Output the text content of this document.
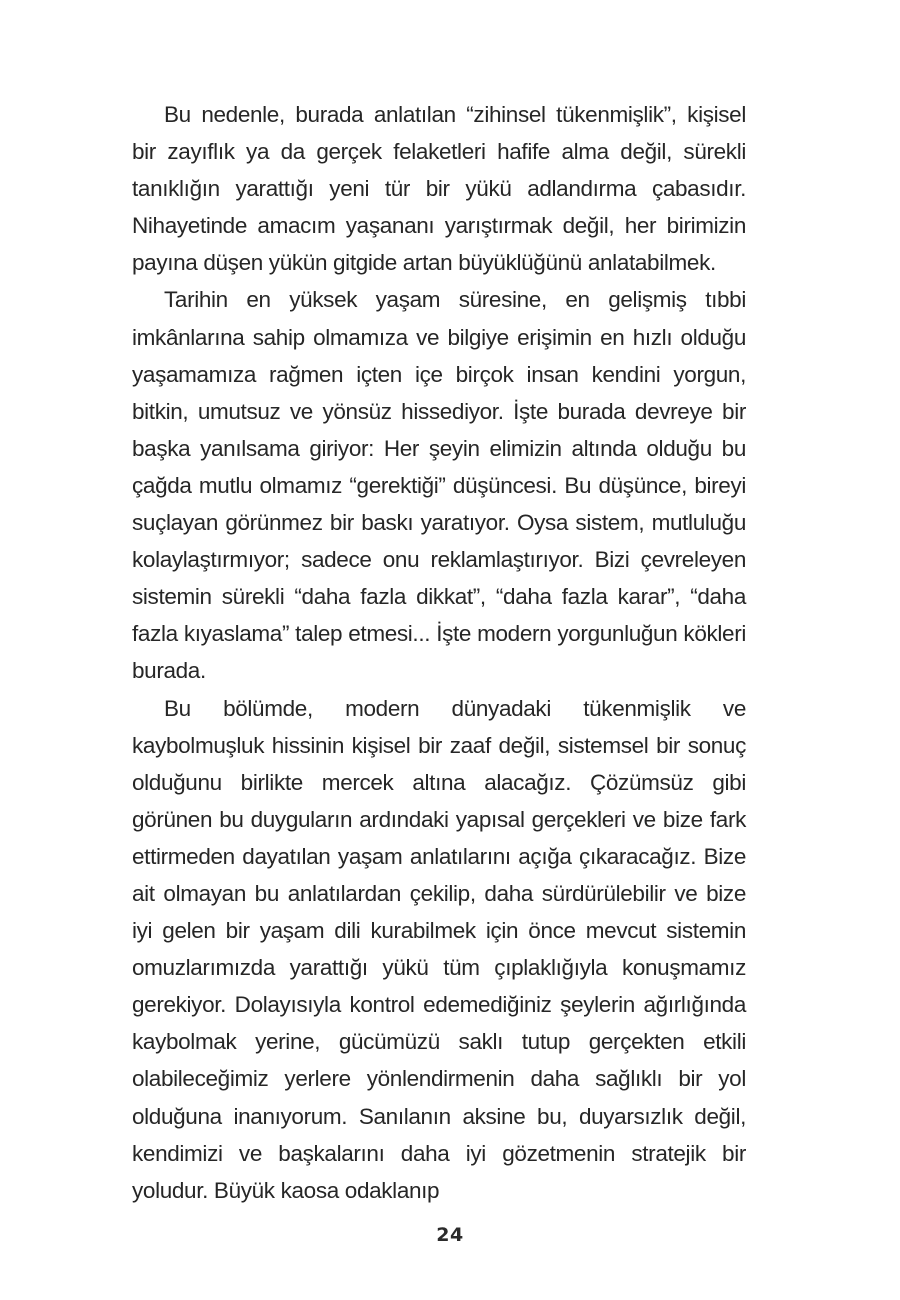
Bu nedenle, burada anlatılan “zihinsel tükenmişlik”, kişisel bir zayıflık ya da gerçek felaketleri hafife alma değil, sürekli tanıklığın yarattığı yeni tür bir yükü adlandırma çabasıdır. Nihayetinde amacım yaşananı yarıştırmak değil, her birimizin payına düşen yükün gitgide artan büyüklüğünü anlatabilmek.

Tarihin en yüksek yaşam süresine, en gelişmiş tıbbi imkânlarına sahip olmamıza ve bilgiye erişimin en hızlı olduğu yaşamamıza rağmen içten içe birçok insan kendini yorgun, bitkin, umutsuz ve yönsüz hissediyor. İşte burada devreye bir başka yanılsama giriyor: Her şeyin elimizin altında olduğu bu çağda mutlu olmamız “gerektiği” düşüncesi. Bu düşünce, bireyi suçlayan görünmez bir baskı yaratıyor. Oysa sistem, mutluluğu kolaylaştırmıyor; sadece onu reklamlaştırıyor. Bizi çevreleyen sistemin sürekli “daha fazla dikkat”, “daha fazla karar”, “daha fazla kıyaslama” talep etmesi... İşte modern yorgunluğun kökleri burada.

Bu bölümde, modern dünyadaki tükenmişlik ve kaybolmuşluk hissinin kişisel bir zaaf değil, sistemsel bir sonuç olduğunu birlikte mercek altına alacağız. Çözümsüz gibi görünen bu duyguların ardındaki yapısal gerçekleri ve bize fark ettirmeden dayatılan yaşam anlatılarını açığa çıkaracağız. Bize ait olmayan bu anlatılardan çekilip, daha sürdürülebilir ve bize iyi gelen bir yaşam dili kurabilmek için önce mevcut sistemin omuzlarımızda yarattığı yükü tüm çıplaklığıyla konuşmamız gerekiyor. Dolayısıyla kontrol edemediğiniz şeylerin ağırlığında kaybolmak yerine, gücümüzü saklı tutup gerçekten etkili olabileceğimiz yerlere yönlendirmenin daha sağlıklı bir yol olduğuna inanıyorum. Sanılanın aksine bu, duyarsızlık değil, kendimizi ve başkalarını daha iyi gözetmenin stratejik bir yoludur. Büyük kaosa odaklanıp

24
